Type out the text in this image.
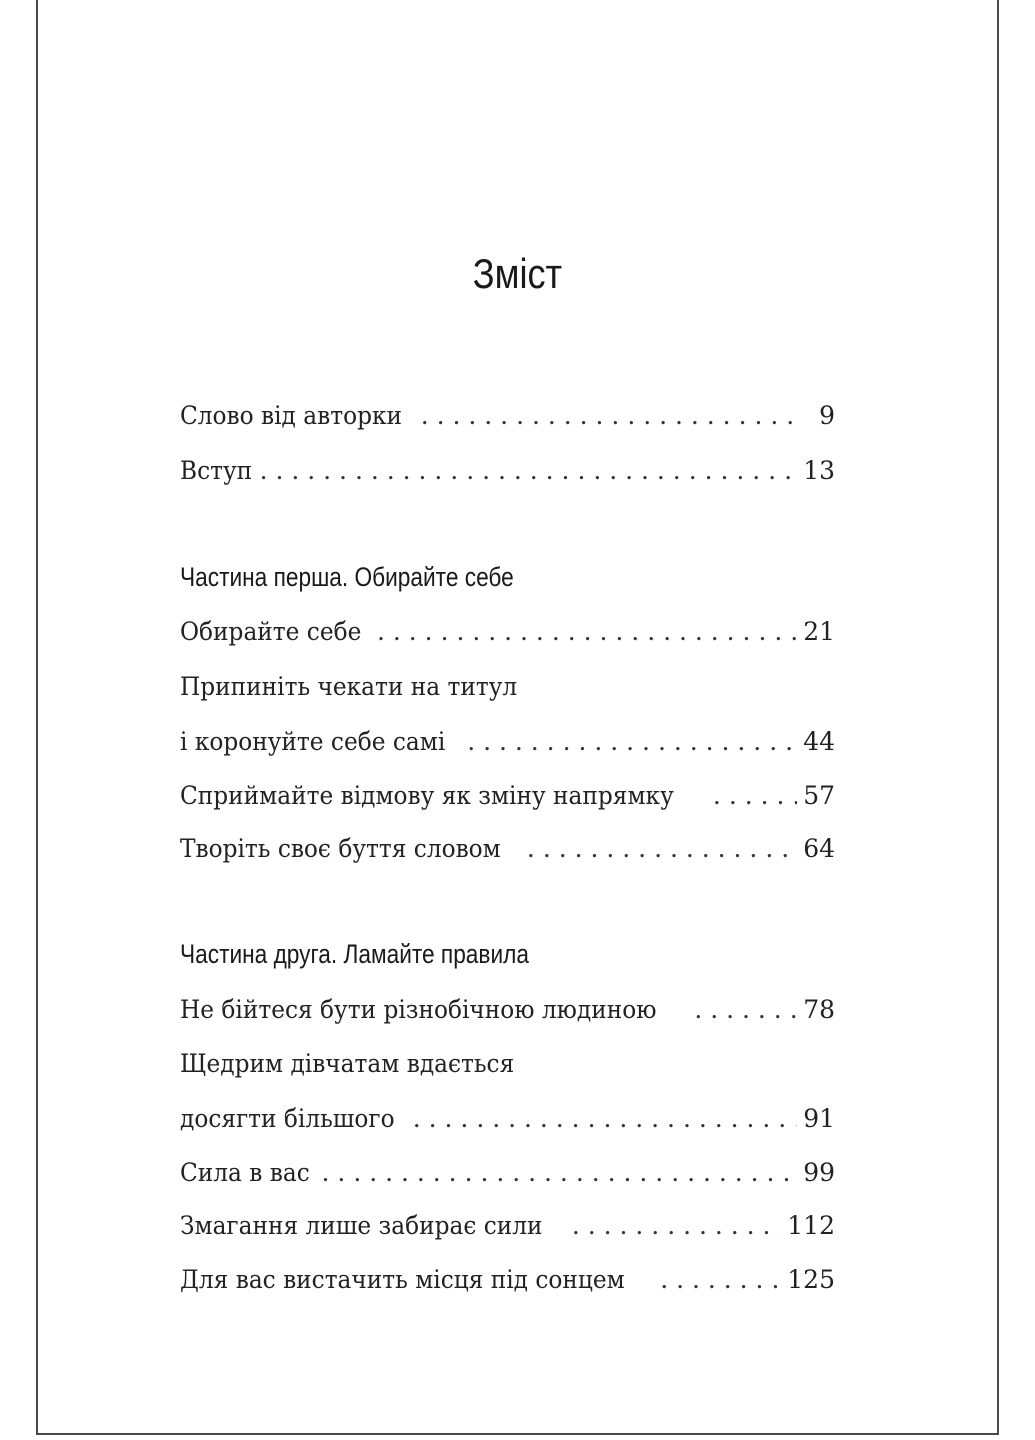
Зміст
Слово від авторки . . .	9
Вступ . . .	13
Частина перша. Обирайте себе
Обирайте себе . . .	21
Припиніть чекати на титул
і коронуйте себе самі . . .	44
Сприймайте відмову як зміну напрямку . . .	57
Творіть своє буття словом . . .	64
Частина друга. Ламайте правила
Не бійтеся бути різнобічною людиною . . .	78
Щедрим дівчатам вдається
досягти більшого . . .	91
Сила в вас . . .	99
Змагання лише забирає сили . . .	112
Для вас вистачить місця під сонцем . . .	125
